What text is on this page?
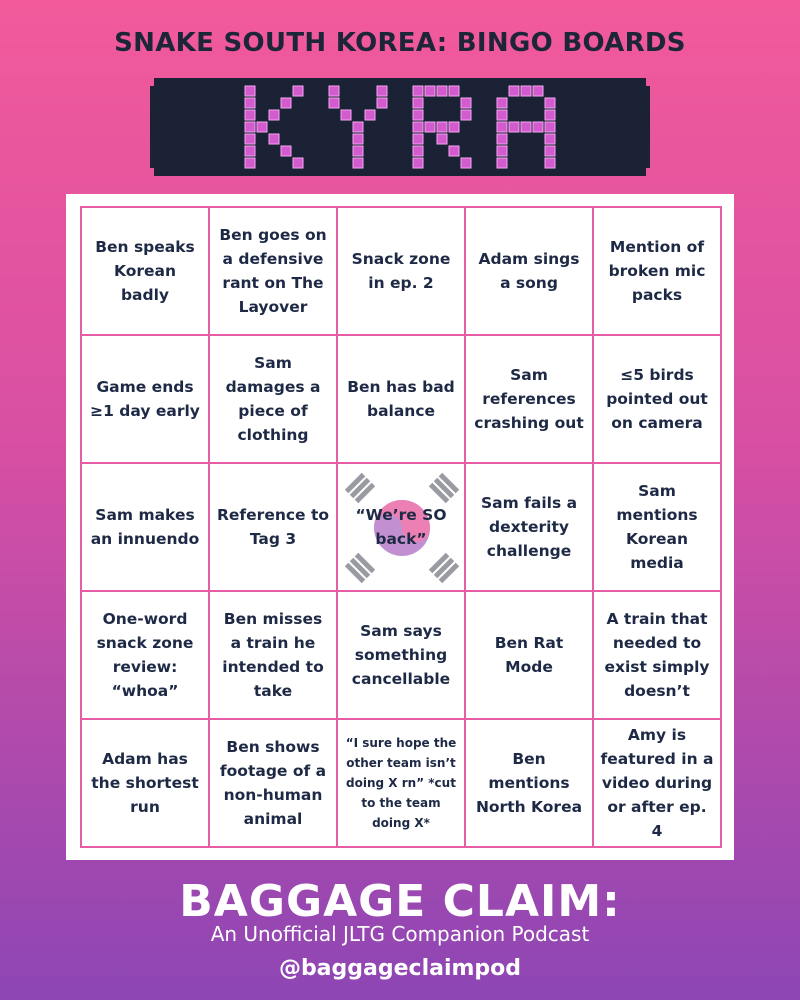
SNAKE SOUTH KOREA: BINGO BOARDS
Ben speaks Korean badly
Ben goes on a defensive rant on The Layover
Snack zone in ep. 2
Adam sings a song
Mention of broken mic packs
Game ends ≥1 day early
Sam damages a piece of clothing
Ben has bad balance
Sam references crashing out
≤5 birds pointed out on camera
Sam makes an innuendo
Reference to Tag 3
“We’re SO back”
Sam fails a dexterity challenge
Sam mentions Korean media
One-word snack zone review: “whoa”
Ben misses a train he intended to take
Sam says something cancellable
Ben Rat Mode
A train that needed to exist simply doesn’t
Adam has the shortest run
Ben shows footage of a non-human animal
“I sure hope the other team isn’t doing X rn” *cut to the team doing X*
Ben mentions North Korea
Amy is featured in a video during or after ep. 4
BAGGAGE CLAIM:
An Unofficial JLTG Companion Podcast
@baggageclaimpod
